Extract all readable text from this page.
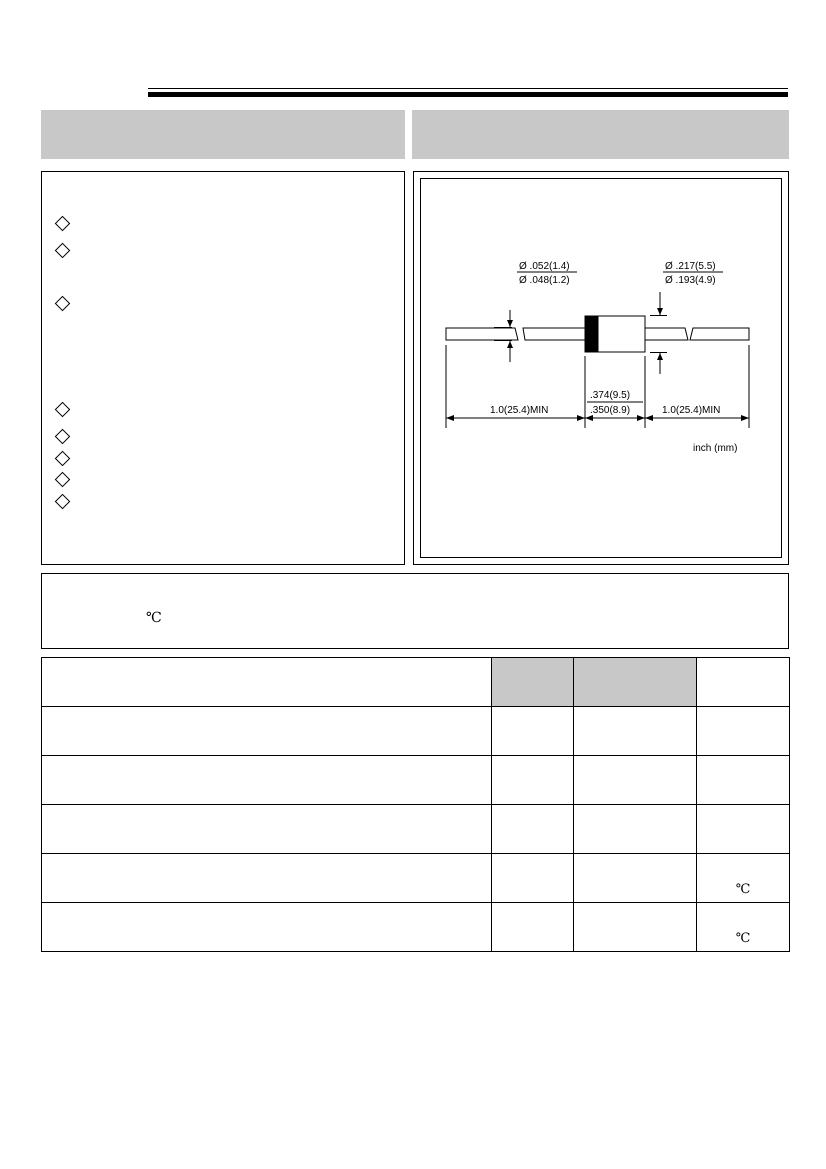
Ø .052(1.4)
Ø .048(1.2)
Ø .217(5.5)
Ø .193(4.9)
.374(9.5)
.350(8.9)
1.0(25.4)MIN	1.0(25.4)MIN
inch (mm)
℃

			℃
			℃
